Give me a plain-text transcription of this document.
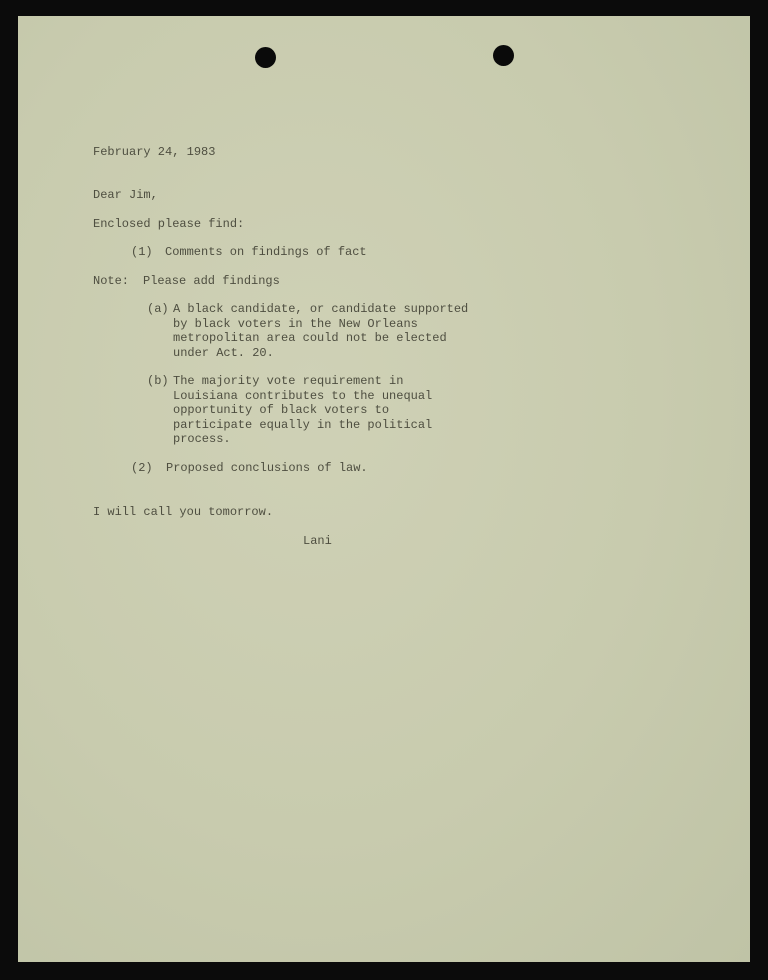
February 24, 1983
Dear Jim,
Enclosed please find:
(1) Comments on findings of fact
Note: Please add findings
(a) A black candidate, or candidate supported
by black voters in the New Orleans
metropolitan area could not be elected
under Act. 20.
(b) The majority vote requirement in
Louisiana contributes to the unequal
opportunity of black voters to
participate equally in the political
process.
(2) Proposed conclusions of law.
I will call you tomorrow.
Lani
